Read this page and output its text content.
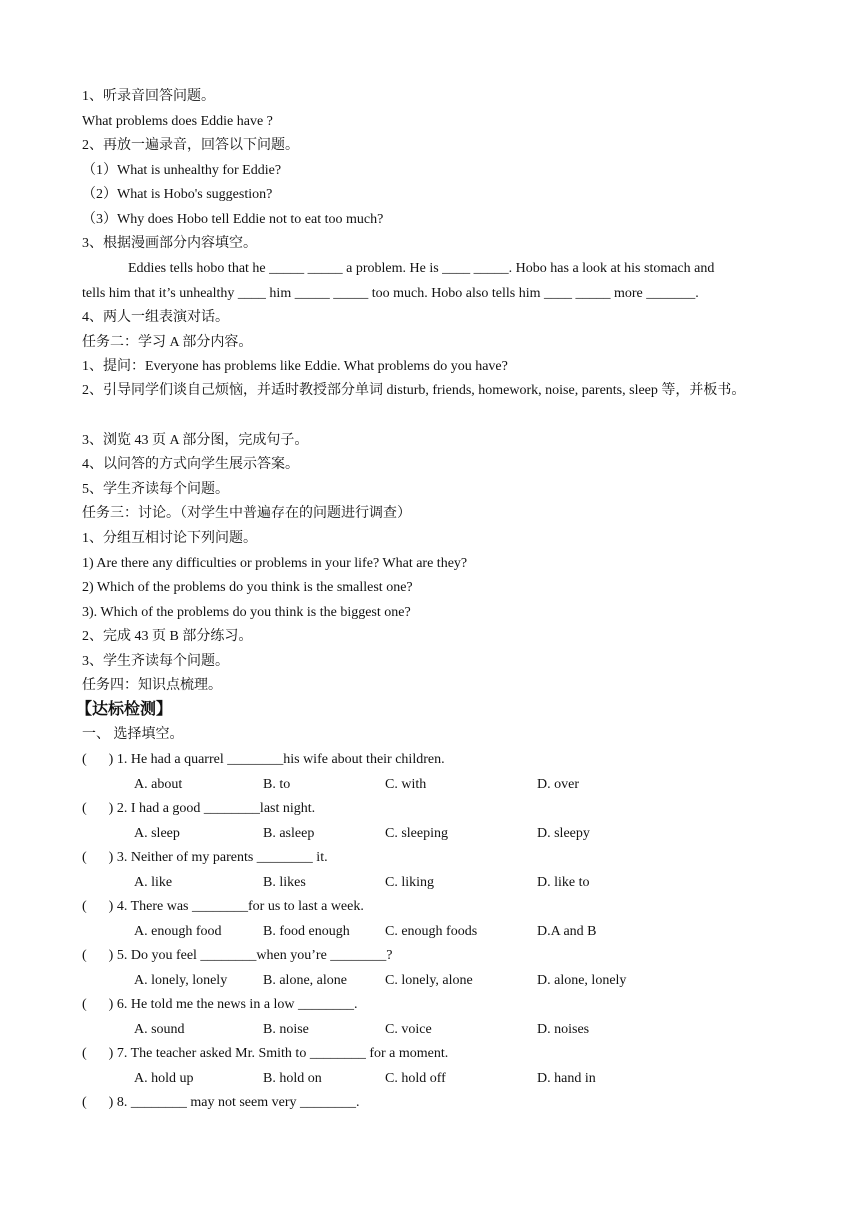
1、听录音回答问题。
What problems does Eddie have ?
2、再放一遍录音，回答以下问题。
（1）What is unhealthy for Eddie?
（2）What is Hobo's suggestion?
（3）Why does Hobo tell Eddie not to eat too much?
3、根据漫画部分内容填空。
Eddies tells hobo that he _____ _____ a problem. He is ____ _____. Hobo has a look at his stomach and
tells him that it’s unhealthy ____ him _____ _____ too much. Hobo also tells him ____ _____ more _______.
4、两人一组表演对话。
任务二：学习 A 部分内容。
1、提问：Everyone has problems like Eddie. What problems do you have?
2、引导同学们谈自己烦恼，并适时教授部分单词 disturb, friends, homework, noise, parents, sleep 等，并板书。
3、浏览 43 页 A 部分图，完成句子。
4、以问答的方式向学生展示答案。
5、学生齐读每个问题。
任务三：讨论。（对学生中普遍存在的问题进行调查）
1、分组互相讨论下列问题。
1) Are there any difficulties or problems in your life? What are they?
2) Which of the problems do you think is the smallest one?
3). Which of the problems do you think is the biggest one?
2、完成 43 页 B 部分练习。
3、学生齐读每个问题。
任务四：知识点梳理。
【达标检测】
一、 选择填空。
( ) 1. He had a quarrel ________his wife about their children.
A. about	B. to	C. with	D. over
( ) 2. I had a good ________last night.
A. sleep	B. asleep	C. sleeping	D. sleepy
( ) 3. Neither of my parents ________ it.
A. like	B. likes	C. liking	D. like to
( ) 4. There was ________for us to last a week.
A. enough food	B. food enough	C. enough foods	D.A and B
( ) 5. Do you feel ________when you’re ________?
A. lonely, lonely	B. alone, alone	C. lonely, alone	D. alone, lonely
( ) 6. He told me the news in a low ________.
A. sound	B. noise	C. voice	D. noises
( ) 7. The teacher asked Mr. Smith to ________ for a moment.
A. hold up	B. hold on	C. hold off	D. hand in
( ) 8. ________ may not seem very ________.
